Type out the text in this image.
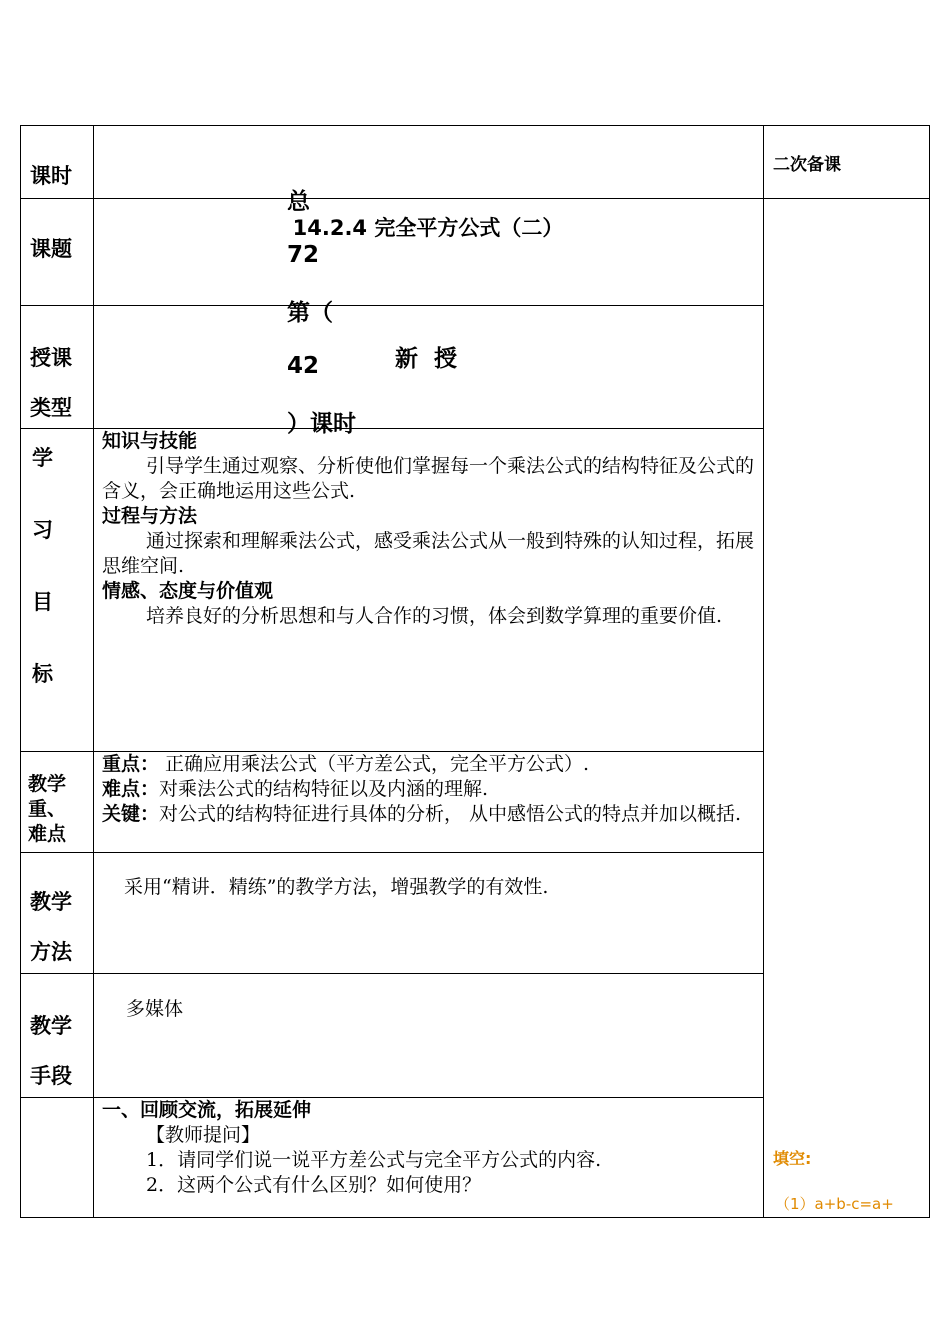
课时

总

72

第（

42

）课时

二次备课
课题
14.2.4 完全平方公式（二）
授课
类型
新 授
学
习
目
标
知识与技能
引导学生通过观察、分析使他们掌握每一个乘法公式的结构特征及公式的含义，会正确地运用这些公式.
过程与方法
通过探索和理解乘法公式，感受乘法公式从一般到特殊的认知过程，拓展思维空间.
情感、态度与价值观
培养良好的分析思想和与人合作的习惯，体会到数学算理的重要价值.
教学
重、
难点
重点： 正确应用乘法公式（平方差公式，完全平方公式）.
难点：对乘法公式的结构特征以及内涵的理解.
关键：对公式的结构特征进行具体的分析， 从中感悟公式的特点并加以概括.
教学
方法
采用“精讲．精练”的教学方法，增强教学的有效性.
教学
手段
多媒体
一、回顾交流，拓展延伸
【教师提问】
1．请同学们说一说平方差公式与完全平方公式的内容.
2．这两个公式有什么区别？如何使用？
填空:
（1）a+b-c=a+
